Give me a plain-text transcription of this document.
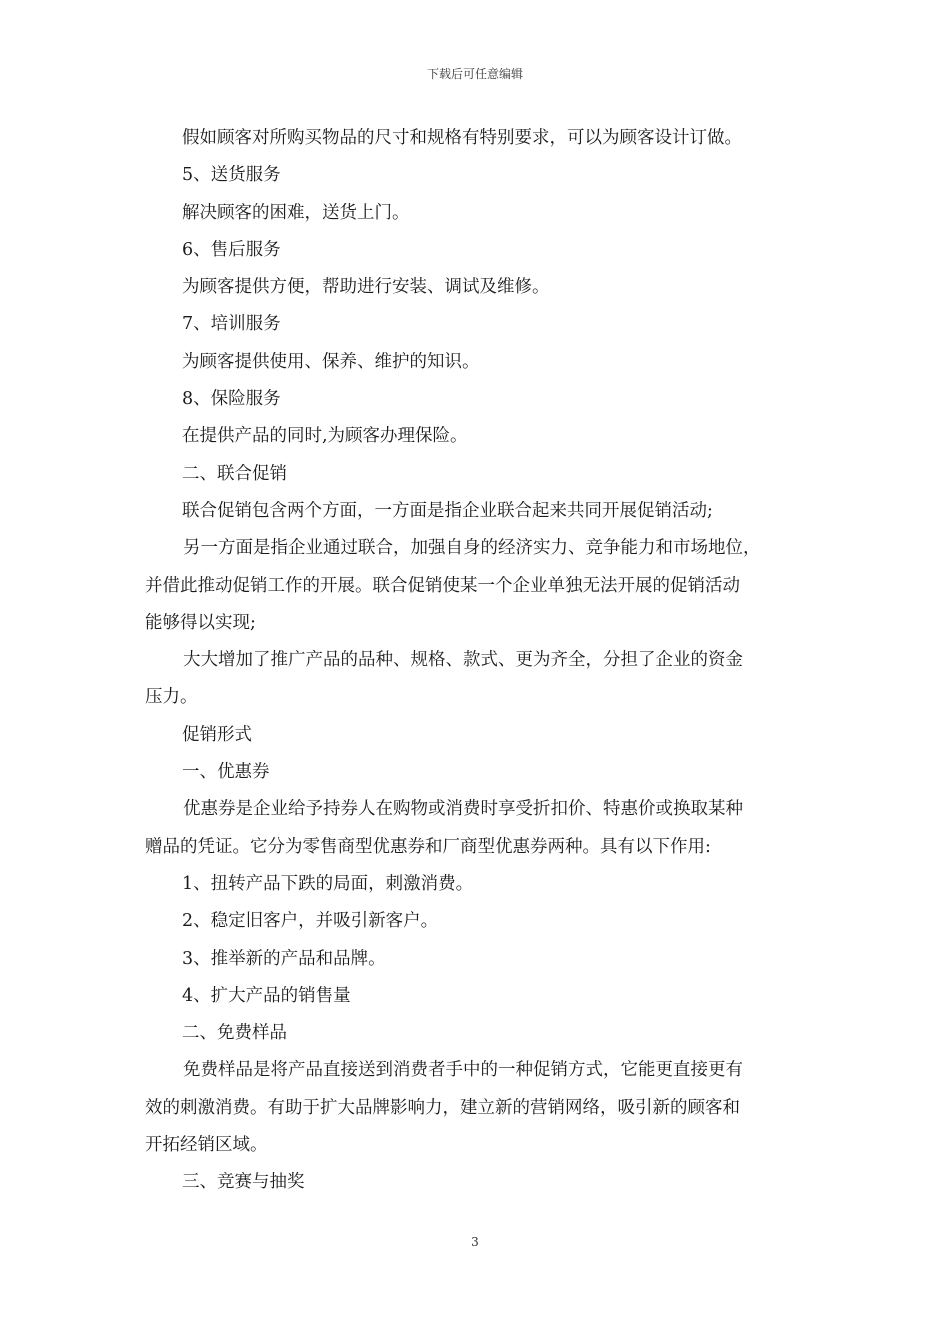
下载后可任意编辑
假如顾客对所购买物品的尺寸和规格有特别要求，可以为顾客设计订做。
5、送货服务
解决顾客的困难，送货上门。
6、售后服务
为顾客提供方便，帮助进行安装、调试及维修。
7、培训服务
为顾客提供使用、保养、维护的知识。
8、保险服务
在提供产品的同时,为顾客办理保险。
二、联合促销
联合促销包含两个方面，一方面是指企业联合起来共同开展促销活动;
另一方面是指企业通过联合，加强自身的经济实力、竞争能力和市场地位，
并借此推动促销工作的开展。联合促销使某一个企业单独无法开展的促销活动
能够得以实现;
大大增加了推广产品的品种、规格、款式、更为齐全，分担了企业的资金
压力。
促销形式
一、优惠券
优惠券是企业给予持券人在购物或消费时享受折扣价、特惠价或换取某种
赠品的凭证。它分为零售商型优惠券和厂商型优惠券两种。具有以下作用:
1、扭转产品下跌的局面，刺激消费。
2、稳定旧客户，并吸引新客户。
3、推举新的产品和品牌。
4、扩大产品的销售量
二、免费样品
免费样品是将产品直接送到消费者手中的一种促销方式，它能更直接更有
效的刺激消费。有助于扩大品牌影响力，建立新的营销网络，吸引新的顾客和
开拓经销区域。
三、竞赛与抽奖
3
